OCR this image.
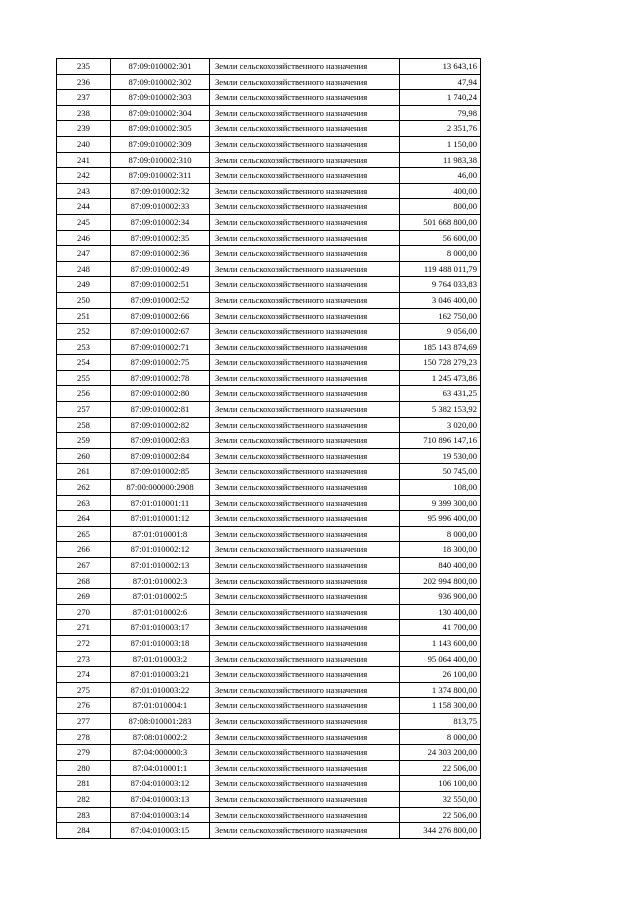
235	87:09:010002:301	Земли сельскохозяйственного назначения	13 643,16
236	87:09:010002:302	Земли сельскохозяйственного назначения	47,94
237	87:09:010002:303	Земли сельскохозяйственного назначения	1 740,24
238	87:09:010002:304	Земли сельскохозяйственного назначения	79,98
239	87:09:010002:305	Земли сельскохозяйственного назначения	2 351,76
240	87:09:010002:309	Земли сельскохозяйственного назначения	1 150,00
241	87:09:010002:310	Земли сельскохозяйственного назначения	11 983,38
242	87:09:010002:311	Земли сельскохозяйственного назначения	46,00
243	87:09:010002:32	Земли сельскохозяйственного назначения	400,00
244	87:09:010002:33	Земли сельскохозяйственного назначения	800,00
245	87:09:010002:34	Земли сельскохозяйственного назначения	501 668 800,00
246	87:09:010002:35	Земли сельскохозяйственного назначения	56 600,00
247	87:09:010002:36	Земли сельскохозяйственного назначения	8 000,00
248	87:09:010002:49	Земли сельскохозяйственного назначения	119 488 011,79
249	87:09:010002:51	Земли сельскохозяйственного назначения	9 764 033,83
250	87:09:010002:52	Земли сельскохозяйственного назначения	3 046 400,00
251	87:09:010002:66	Земли сельскохозяйственного назначения	162 750,00
252	87:09:010002:67	Земли сельскохозяйственного назначения	9 056,00
253	87:09:010002:71	Земли сельскохозяйственного назначения	185 143 874,69
254	87:09:010002:75	Земли сельскохозяйственного назначения	150 728 279,23
255	87:09:010002:78	Земли сельскохозяйственного назначения	1 245 473,86
256	87:09:010002:80	Земли сельскохозяйственного назначения	63 431,25
257	87:09:010002:81	Земли сельскохозяйственного назначения	5 382 153,92
258	87:09:010002:82	Земли сельскохозяйственного назначения	3 020,00
259	87:09:010002:83	Земли сельскохозяйственного назначения	710 896 147,16
260	87:09:010002:84	Земли сельскохозяйственного назначения	19 530,00
261	87:09:010002:85	Земли сельскохозяйственного назначения	50 745,00
262	87:00:000000:2908	Земли сельскохозяйственного назначения	108,00
263	87:01:010001:11	Земли сельскохозяйственного назначения	9 399 300,00
264	87:01:010001:12	Земли сельскохозяйственного назначения	95 996 400,00
265	87:01:010001:8	Земли сельскохозяйственного назначения	8 000,00
266	87:01:010002:12	Земли сельскохозяйственного назначения	18 300,00
267	87:01:010002:13	Земли сельскохозяйственного назначения	840 400,00
268	87:01:010002:3	Земли сельскохозяйственного назначения	202 994 800,00
269	87:01:010002:5	Земли сельскохозяйственного назначения	936 900,00
270	87:01:010002:6	Земли сельскохозяйственного назначения	130 400,00
271	87:01:010003:17	Земли сельскохозяйственного назначения	41 700,00
272	87:01:010003:18	Земли сельскохозяйственного назначения	1 143 600,00
273	87:01:010003:2	Земли сельскохозяйственного назначения	95 064 400,00
274	87:01:010003:21	Земли сельскохозяйственного назначения	26 100,00
275	87:01:010003:22	Земли сельскохозяйственного назначения	1 374 800,00
276	87:01:010004:1	Земли сельскохозяйственного назначения	1 158 300,00
277	87:08:010001:283	Земли сельскохозяйственного назначения	813,75
278	87:08:010002:2	Земли сельскохозяйственного назначения	8 000,00
279	87:04:000000:3	Земли сельскохозяйственного назначения	24 303 200,00
280	87:04:010001:1	Земли сельскохозяйственного назначения	22 506,00
281	87:04:010003:12	Земли сельскохозяйственного назначения	106 100,00
282	87:04:010003:13	Земли сельскохозяйственного назначения	32 550,00
283	87:04:010003:14	Земли сельскохозяйственного назначения	22 506,00
284	87:04:010003:15	Земли сельскохозяйственного назначения	344 276 800,00
